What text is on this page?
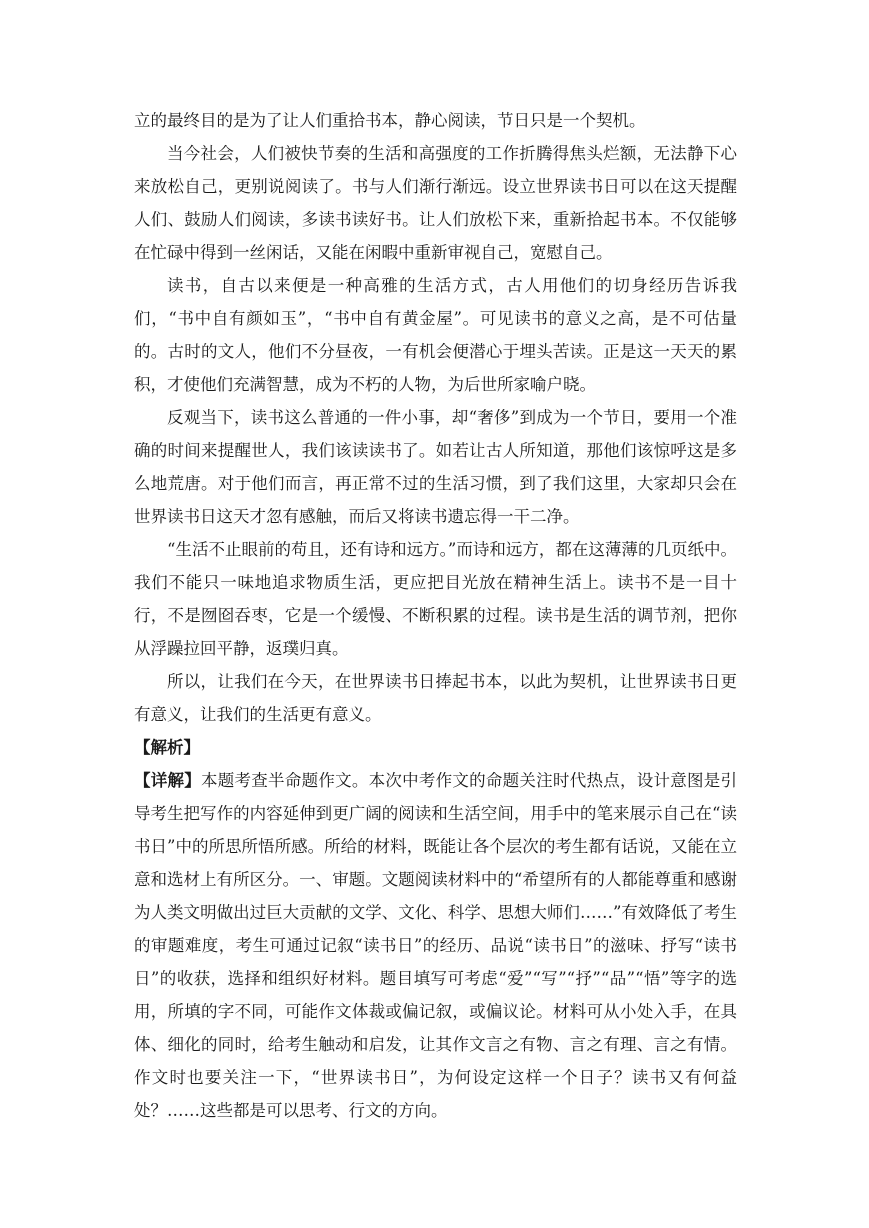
立的最终目的是为了让人们重拾书本，静心阅读，节日只是一个契机。

当今社会，人们被快节奏的生活和高强度的工作折腾得焦头烂额，无法静下心来放松自己，更别说阅读了。书与人们渐行渐远。设立世界读书日可以在这天提醒人们、鼓励人们阅读，多读书读好书。让人们放松下来，重新拾起书本。不仅能够在忙碌中得到一丝闲话，又能在闲暇中重新审视自己，宽慰自己。

读书，自古以来便是一种高雅的生活方式，古人用他们的切身经历告诉我们，“书中自有颜如玉”，“书中自有黄金屋”。可见读书的意义之高，是不可估量的。古时的文人，他们不分昼夜，一有机会便潜心于埋头苦读。正是这一天天的累积，才使他们充满智慧，成为不朽的人物，为后世所家喻户晓。

反观当下，读书这么普通的一件小事，却“奢侈”到成为一个节日，要用一个准确的时间来提醒世人，我们该读读书了。如若让古人所知道，那他们该惊呼这是多么地荒唐。对于他们而言，再正常不过的生活习惯，到了我们这里，大家却只会在世界读书日这天才忽有感触，而后又将读书遗忘得一干二净。

“生活不止眼前的苟且，还有诗和远方。”而诗和远方，都在这薄薄的几页纸中。我们不能只一味地追求物质生活，更应把目光放在精神生活上。读书不是一目十行，不是囫囵吞枣，它是一个缓慢、不断积累的过程。读书是生活的调节剂，把你从浮躁拉回平静，返璞归真。

所以，让我们在今天，在世界读书日捧起书本，以此为契机，让世界读书日更有意义，让我们的生活更有意义。

【解析】

【详解】本题考查半命题作文。本次中考作文的命题关注时代热点，设计意图是引导考生把写作的内容延伸到更广阔的阅读和生活空间，用手中的笔来展示自己在“读书日”中的所思所悟所感。所给的材料，既能让各个层次的考生都有话说，又能在立意和选材上有所区分。一、审题。文题阅读材料中的“希望所有的人都能尊重和感谢为人类文明做出过巨大贡献的文学、文化、科学、思想大师们……”有效降低了考生的审题难度，考生可通过记叙“读书日”的经历、品说“读书日”的滋味、抒写“读书日”的收获，选择和组织好材料。题目填写可考虑“爱”“写”“抒”“品”“悟”等字的选用，所填的字不同，可能作文体裁或偏记叙，或偏议论。材料可从小处入手，在具体、细化的同时，给考生触动和启发，让其作文言之有物、言之有理、言之有情。作文时也要关注一下，“世界读书日”，为何设定这样一个日子？读书又有何益处？……这些都是可以思考、行文的方向。
